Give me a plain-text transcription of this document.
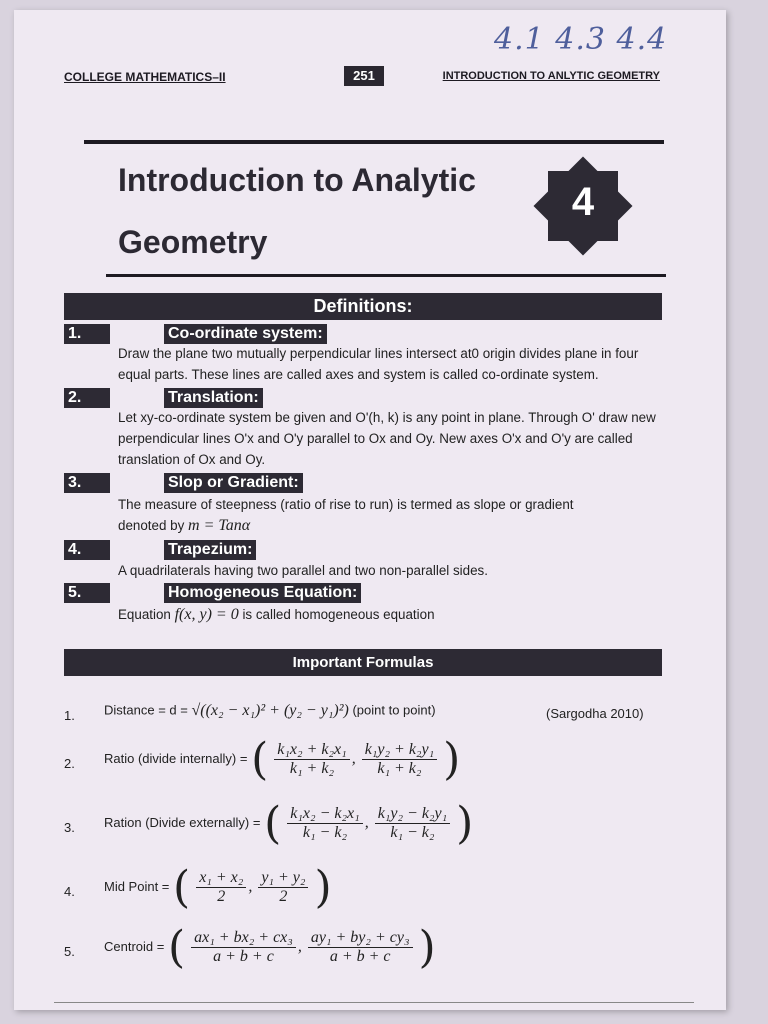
4.1 4.3 4.4
COLLEGE MATHEMATICS–II	251	INTRODUCTION TO ANLYTIC GEOMETRY
Introduction to Analytic
Geometry
4
Definitions:
1.	Co-ordinate system:
Draw the plane two mutually perpendicular lines intersect at0 origin divides plane in four equal parts. These lines are called axes and system is called co-ordinate system.
2.	Translation:
Let xy-co-ordinate system be given and O'(h, k) is any point in plane. Through O' draw new perpendicular lines O'x and O'y parallel to Ox and Oy. New axes O'x and O'y are called translation of Ox and Oy.
3.	Slop or Gradient:
The measure of steepness (ratio of rise to run) is termed as slope or gradient
denoted by m = Tanα
4.	Trapezium:
A quadrilaterals having two parallel and two non-parallel sides.
5.	Homogeneous Equation:
Equation f(x, y) = 0 is called homogeneous equation
Important Formulas
1. Distance = d = √((x₂ − x₁)² + (y₂ − y₁)²) (point to point)	(Sargodha 2010)
2. Ratio (divide internally) = ( $\frac{\text{k₁x₂ + k₂x₁}}{\text{k₁ + k₂}}$ , $\frac{\text{k₁y₂ + k₂y₁}}{\text{k₁ + k₂}}$ )
3. Ration (Divide externally) = ( $\frac{\text{k₁x₂ − k₂x₁}}{\text{k₁ − k₂}}$ , $\frac{\text{k₁y₂ − k₂y₁}}{\text{k₁ − k₂}}$ )
4. Mid Point = ( $\frac{\text{x₁ + x₂}}{2}$ , $\frac{\text{y₁ + y₂}}{2}$ )
5. Centroid = ( $\frac{\text{ax₁ + bx₂ + cx₃}}{a + b + c}$ , $\frac{\text{ay₁ + by₂ + cy₃}}{a + b + c}$ )
